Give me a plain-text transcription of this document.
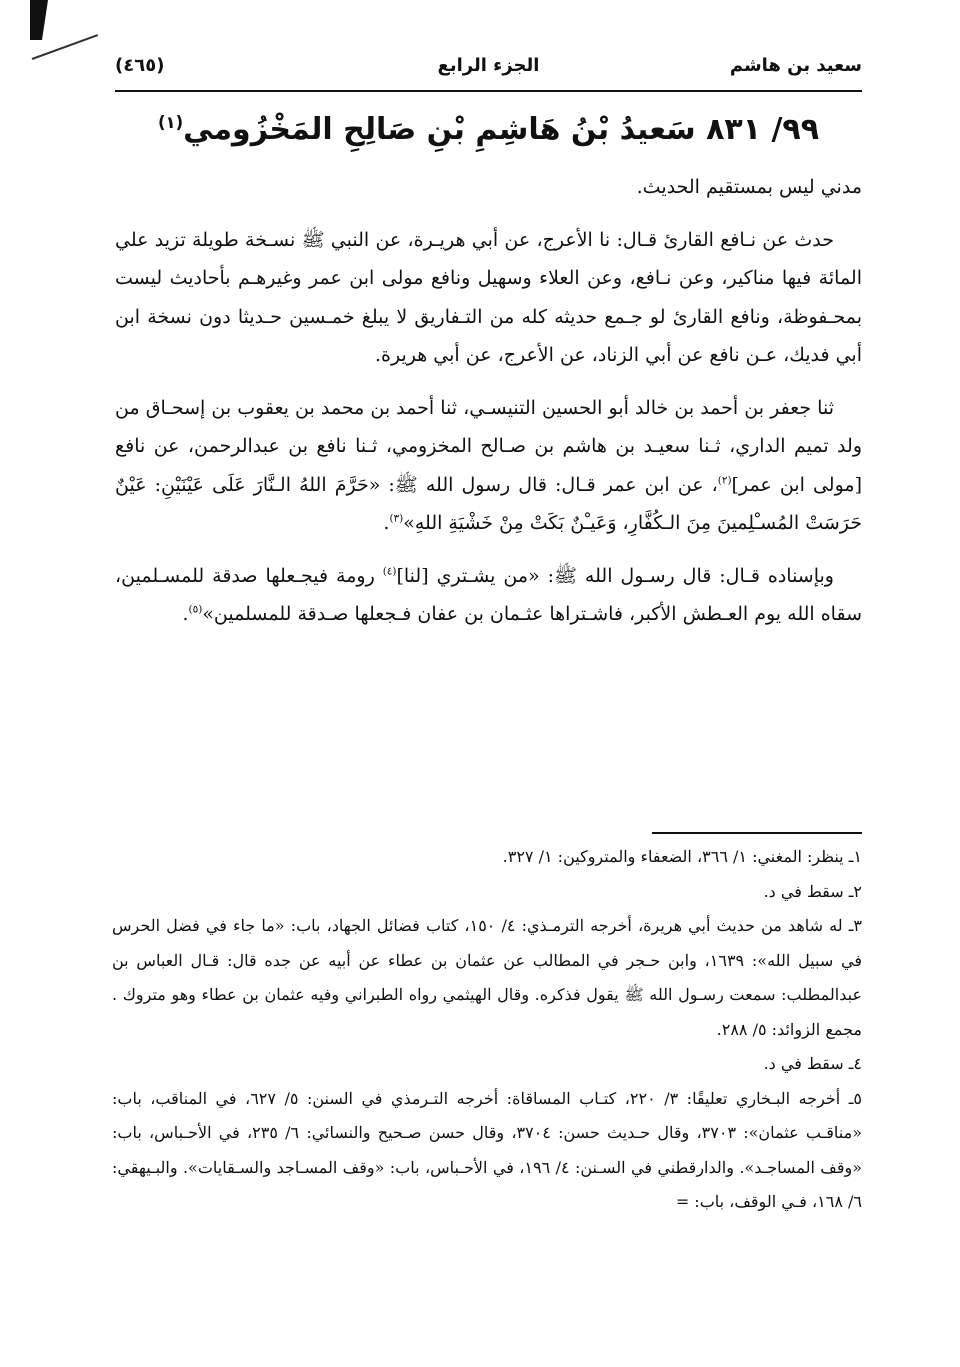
سعيد بن هاشم
الجزء الرابع
(٤٦٥)
٩٩/ ٨٣١ سَعيدُ بْنُ هَاشِمِ بْنِ صَالِحِ المَخْزُومي$^{(١)}$

مدني ليس بمستقيم الحديث.

حدث عن نـافع القارئ قـال: نا الأعرج، عن أبي هريـرة، عن النبي ﷺ نسـخة طويلة تزيد علي المائة فيها مناكير، وعن نـافع، وعن العلاء وسهيل ونافع مولى ابن عمر وغيرهـم بأحاديث ليست بمحـفوظة، ونافع القارئ لو جـمع حديثه كله من التـفاريق لا يبلغ خمـسين حـديثا دون نسخة ابن أبي فديك، عـن نافع عن أبي الزناد، عن الأعرج، عن أبي هريرة.

ثنا جعفر بن أحمد بن خالد أبو الحسين التنيسـي، ثنا أحمد بن محمد بن يعقوب بن إسحـاق من ولد تميم الداري، ثـنا سعيـد بن هاشم بن صـالح المخزومي، ثـنا نافع بن عبدالرحمن، عن نافع [مولى ابن عمر]$^{(٢)}$، عن ابن عمر قـال: قال رسول الله ﷺ: «حَرَّمَ اللهُ الـنَّارَ عَلَى عَيْنَيْنِ: عَيْنٌ حَرَسَتْ المُسـْلِمينَ مِنَ الـكُفَّارِ، وَعَيـْنٌ بَكَتْ مِنْ خَشْيَةِ اللهِ»$^{(٣)}$.

وبإسناده قـال: قال رسـول الله ﷺ: «من يشـتري [لنا]$^{(٤)}$ رومة فيجـعلها صدقة للمسـلمين، سقاه الله يوم العـطش الأكبر، فاشـتراها عثـمان بن عفان فـجعلها صـدقة للمسلمين»$^{(٥)}$.

١ـ ينظر: المغني: ١/ ٣٦٦، الضعفاء والمتروكين: ١/ ٣٢٧.

٢ـ سقط في د.

٣ـ له شاهد من حديث أبي هريرة، أخرجه الترمـذي: ٤/ ١٥٠، كتاب فضائل الجهاد، باب: «ما جاء في فضل الحرس في سبيل الله»: ١٦٣٩، وابن حـجر في المطالب عن عثمان بن عطاء عن أبيه عن جده قال: قـال العباس بن عبدالمطلب: سمعت رسـول الله ﷺ يقول فذكره. وقال الهيثمي رواه الطبراني وفيه عثمان بن عطاء وهو متروك . مجمع الزوائد: ٥/ ٢٨٨.

٤ـ سقط في د.

٥ـ أخرجه البـخاري تعليقًا: ٣/ ٢٢٠، كتـاب المساقاة: أخرجه التـرمذي في السنن: ٥/ ٦٢٧، في المناقب، باب: «مناقـب عثمان»: ٣٧٠٣، وقال حـديث حسن: ٣٧٠٤، وقال حسن صـحيح والنسائي: ٦/ ٢٣٥، في الأحـباس، باب: «وقف المساجـد». والدارقطني في السـنن: ٤/ ١٩٦، في الأحـباس، باب: «وقف المسـاجد والسـقايات». والبـيهقي: ٦/ ١٦٨، فـي الوقف، باب: =
